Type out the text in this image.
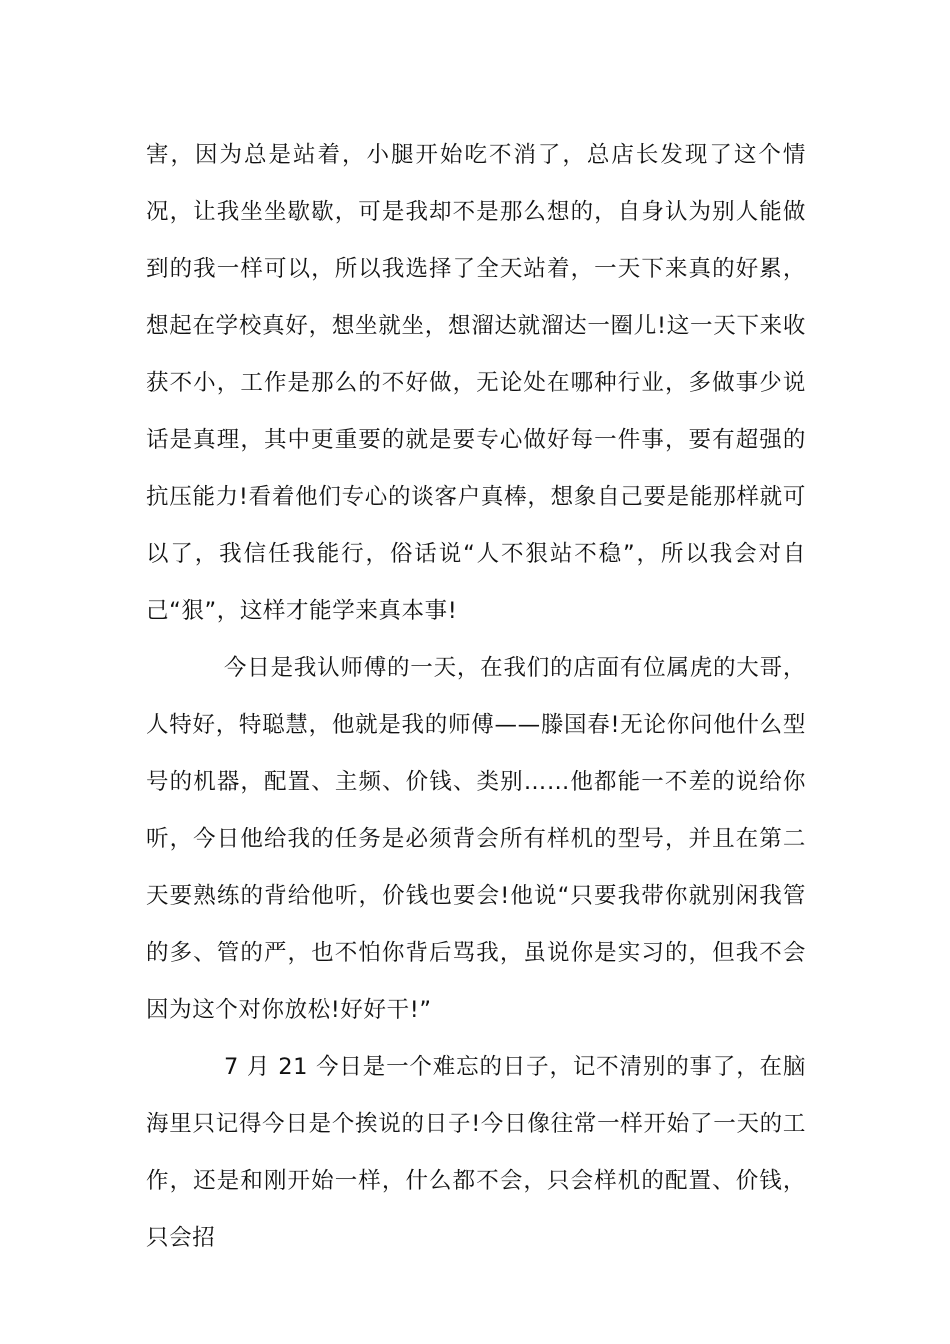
害，因为总是站着，小腿开始吃不消了，总店长发现了这个情况，让我坐坐歇歇，可是我却不是那么想的，自身认为别人能做到的我一样可以，所以我选择了全天站着，一天下来真的好累，想起在学校真好，想坐就坐，想溜达就溜达一圈儿!这一天下来收获不小，工作是那么的不好做，无论处在哪种行业，多做事少说话是真理，其中更重要的就是要专心做好每一件事，要有超强的抗压能力!看着他们专心的谈客户真棒，想象自己要是能那样就可以了，我信任我能行，俗话说“人不狠站不稳”，所以我会对自己“狠”，这样才能学来真本事!

今日是我认师傅的一天，在我们的店面有位属虎的大哥，人特好，特聪慧，他就是我的师傅——滕国春!无论你问他什么型号的机器，配置、主频、价钱、类别……他都能一不差的说给你听，今日他给我的任务是必须背会所有样机的型号，并且在第二天要熟练的背给他听，价钱也要会!他说“只要我带你就别闲我管的多、管的严，也不怕你背后骂我，虽说你是实习的，但我不会因为这个对你放松!好好干!”

7 月 21 今日是一个难忘的日子，记不清别的事了，在脑海里只记得今日是个挨说的日子!今日像往常一样开始了一天的工作，还是和刚开始一样，什么都不会，只会样机的配置、价钱，只会招
